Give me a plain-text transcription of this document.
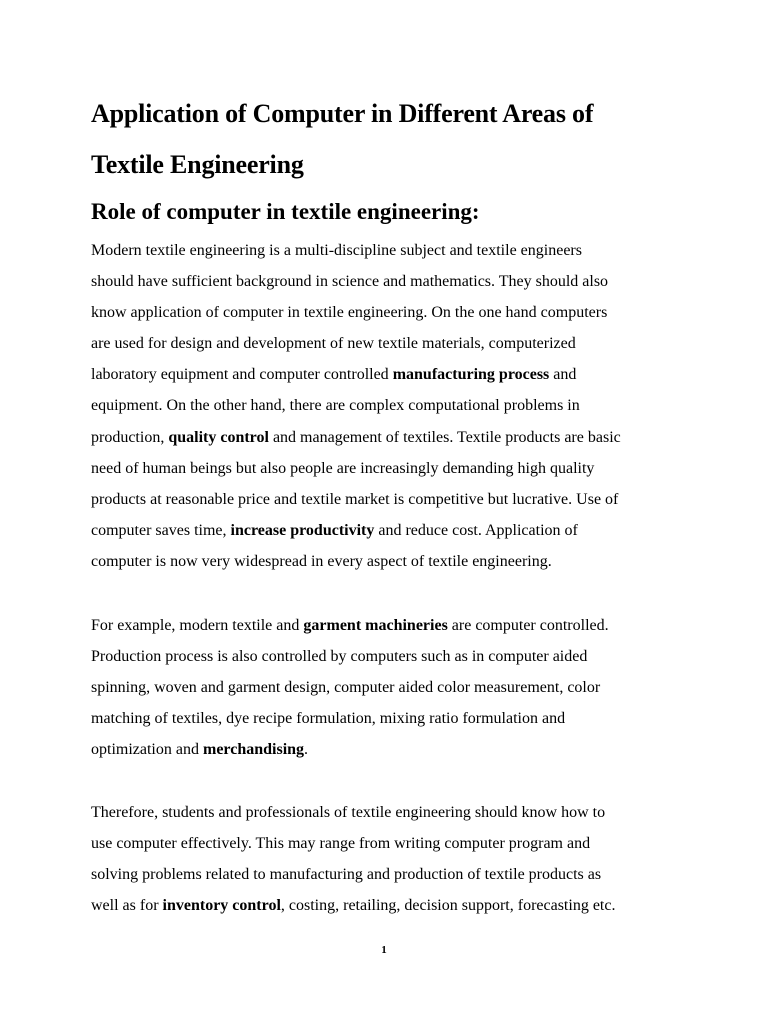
Application of Computer in Different Areas of
Textile Engineering
Role of computer in textile engineering:

Modern textile engineering is a multi-discipline subject and textile engineers
should have sufficient background in science and mathematics. They should also
know application of computer in textile engineering. On the one hand computers
are used for design and development of new textile materials, computerized
laboratory equipment and computer controlled manufacturing process and
equipment. On the other hand, there are complex computational problems in
production, quality control and management of textiles. Textile products are basic
need of human beings but also people are increasingly demanding high quality
products at reasonable price and textile market is competitive but lucrative. Use of
computer saves time, increase productivity and reduce cost. Application of
computer is now very widespread in every aspect of textile engineering.

For example, modern textile and garment machineries are computer controlled.
Production process is also controlled by computers such as in computer aided
spinning, woven and garment design, computer aided color measurement, color
matching of textiles, dye recipe formulation, mixing ratio formulation and
optimization and merchandising.

Therefore, students and professionals of textile engineering should know how to
use computer effectively. This may range from writing computer program and
solving problems related to manufacturing and production of textile products as
well as for inventory control, costing, retailing, decision support, forecasting etc.

1
